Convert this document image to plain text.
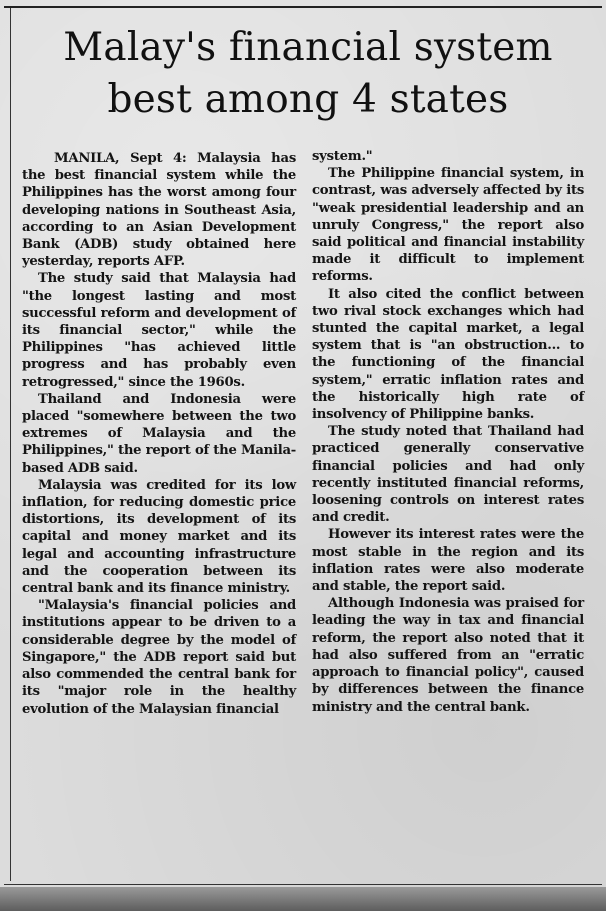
Malay's financial system
best among 4 states

MANILA, Sept 4: Malaysia has the best financial system while the Philippines has the worst among four developing nations in Southeast Asia, according to an Asian Development Bank (ADB) study obtained here yesterday, reports AFP.

The study said that Malaysia had "the longest lasting and most successful reform and development of its financial sector," while the Philippines "has achieved little progress and has probably even retrogressed," since the 1960s.

Thailand and Indonesia were placed "somewhere between the two extremes of Malaysia and the Philippines," the report of the Manila-based ADB said.

Malaysia was credited for its low inflation, for reducing domestic price distortions, its development of its capital and money market and its legal and accounting infrastructure and the cooperation between its central bank and its finance ministry.

"Malaysia's financial policies and institutions appear to be driven to a considerable degree by the model of Singapore," the ADB report said but also commended the central bank for its "major role in the healthy evolution of the Malaysian financial

system."

The Philippine financial system, in contrast, was adversely affected by its "weak presidential leadership and an unruly Congress," the report also said political and financial instability made it difficult to implement reforms.

It also cited the conflict between two rival stock exchanges which had stunted the capital market, a legal system that is "an obstruction... to the functioning of the financial system," erratic inflation rates and the historically high rate of insolvency of Philippine banks.

The study noted that Thailand had practiced generally conservative financial policies and had only recently instituted financial reforms, loosening controls on interest rates and credit.

However its interest rates were the most stable in the region and its inflation rates were also moderate and stable, the report said.

Although Indonesia was praised for leading the way in tax and financial reform, the report also noted that it had also suffered from an "erratic approach to financial policy", caused by differences between the finance ministry and the central bank.
